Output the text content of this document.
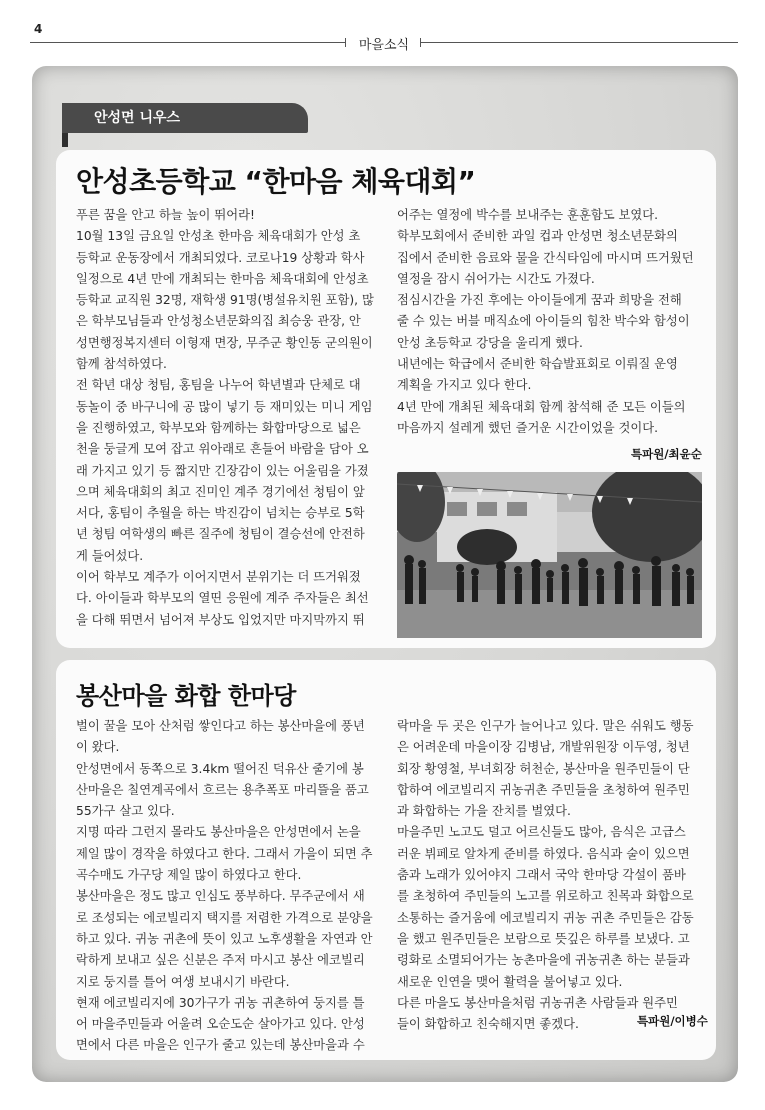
4
마을소식
안성면 니우스
안성초등학교 “한마음 체육대회”

푸른 꿈을 안고 하늘 높이 뛰어라!

10월 13일 금요일 안성초 한마음 체육대회가 안성 초

등학교 운동장에서 개최되었다. 코로나19 상황과 학사

일정으로 4년 만에 개최되는 한마음 체육대회에 안성초

등학교 교직원 32명, 재학생 91명(병설유치원 포함), 많

은 학부모님들과 안성청소년문화의집 최승웅 관장, 안

성면행정복지센터 이형재 면장, 무주군 황인동 군의원이

함께 참석하였다.

전 학년 대상 청팀, 홍팀을 나누어 학년별과 단체로 대

동놀이 중 바구니에 공 많이 넣기 등 재미있는 미니 게임

을 진행하였고, 학부모와 함께하는 화합마당으로 넓은

천을 둥글게 모여 잡고 위아래로 흔들어 바람을 담아 오

래 가지고 있기 등 짧지만 긴장감이 있는 어울림을 가졌

으며 체육대회의 최고 진미인 계주 경기에선 청팀이 앞

서다, 홍팀이 추월을 하는 박진감이 넘치는 승부로 5학

년 청팀 여학생의 빠른 질주에 청팀이 결승선에 안전하

게 들어섰다.

이어 학부모 계주가 이어지면서 분위기는 더 뜨거워졌

다. 아이들과 학부모의 열띤 응원에 계주 주자들은 최선

을 다해 뛰면서 넘어져 부상도 입었지만 마지막까지 뛰

어주는 열정에 박수를 보내주는 훈훈함도 보였다.

학부모회에서 준비한 과일 컵과 안성면 청소년문화의

집에서 준비한 음료와 물을 간식타임에 마시며 뜨거웠던

열정을 잠시 쉬어가는 시간도 가졌다.

점심시간을 가진 후에는 아이들에게 꿈과 희망을 전해

줄 수 있는 버블 매직쇼에 아이들의 힘찬 박수와 함성이

안성 초등학교 강당을 울리게 했다.

내년에는 학급에서 준비한 학습발표회로 이뤄질 운영

계획을 가지고 있다 한다.

4년 만에 개최된 체육대회 함께 참석해 준 모든 이들의

마음까지 설레게 했던 즐거운 시간이었을 것이다.

특파원/최윤순
봉산마을 화합 한마당

벌이 꿀을 모아 산처럼 쌓인다고 하는 봉산마을에 풍년

이 왔다.

안성면에서 동쪽으로 3.4km 떨어진 덕유산 줄기에 봉

산마을은 칠연계곡에서 흐르는 용추폭포 마리뜰을 품고

55가구 살고 있다.

지명 따라 그런지 몰라도 봉산마을은 안성면에서 논을

제일 많이 경작을 하였다고 한다. 그래서 가을이 되면 추

곡수매도 가구당 제일 많이 하였다고 한다.

봉산마을은 정도 많고 인심도 풍부하다. 무주군에서 새

로 조성되는 에코빌리지 택지를 저렴한 가격으로 분양을

하고 있다. 귀농 귀촌에 뜻이 있고 노후생활을 자연과 안

락하게 보내고 싶은 신분은 주저 마시고 봉산 에코빌리

지로 둥지를 틀어 여생 보내시기 바란다.

현재 에코빌리지에 30가구가 귀농 귀촌하여 둥지를 틀

어 마을주민들과 어울려 오순도순 살아가고 있다. 안성

면에서 다른 마을은 인구가 줄고 있는데 봉산마을과 수

락마을 두 곳은 인구가 늘어나고 있다. 말은 쉬워도 행동

은 어려운데 마을이장 김병남, 개발위원장 이두영, 청년

회장 황영철, 부녀회장 허천순, 봉산마을 원주민들이 단

합하여 에코빌리지 귀농귀촌 주민들을 초청하여 원주민

과 화합하는 가을 잔치를 벌였다.

마을주민 노고도 덜고 어르신들도 많아, 음식은 고급스

러운 뷔페로 알차게 준비를 하였다. 음식과 술이 있으면

춤과 노래가 있어야지 그래서 국악 한마당 각설이 품바

를 초청하여 주민들의 노고를 위로하고 친목과 화합으로

소통하는 즐거움에 에코빌리지 귀농 귀촌 주민들은 감동

을 했고 원주민들은 보람으로 뜻깊은 하루를 보냈다. 고

령화로 소멸되어가는 농촌마을에 귀농귀촌 하는 분들과

새로운 인연을 맺어 활력을 불어넣고 있다.

다른 마을도 봉산마을처럼 귀농귀촌 사람들과 원주민

들이 화합하고 친숙해지면 좋겠다.	특파원/이병수
